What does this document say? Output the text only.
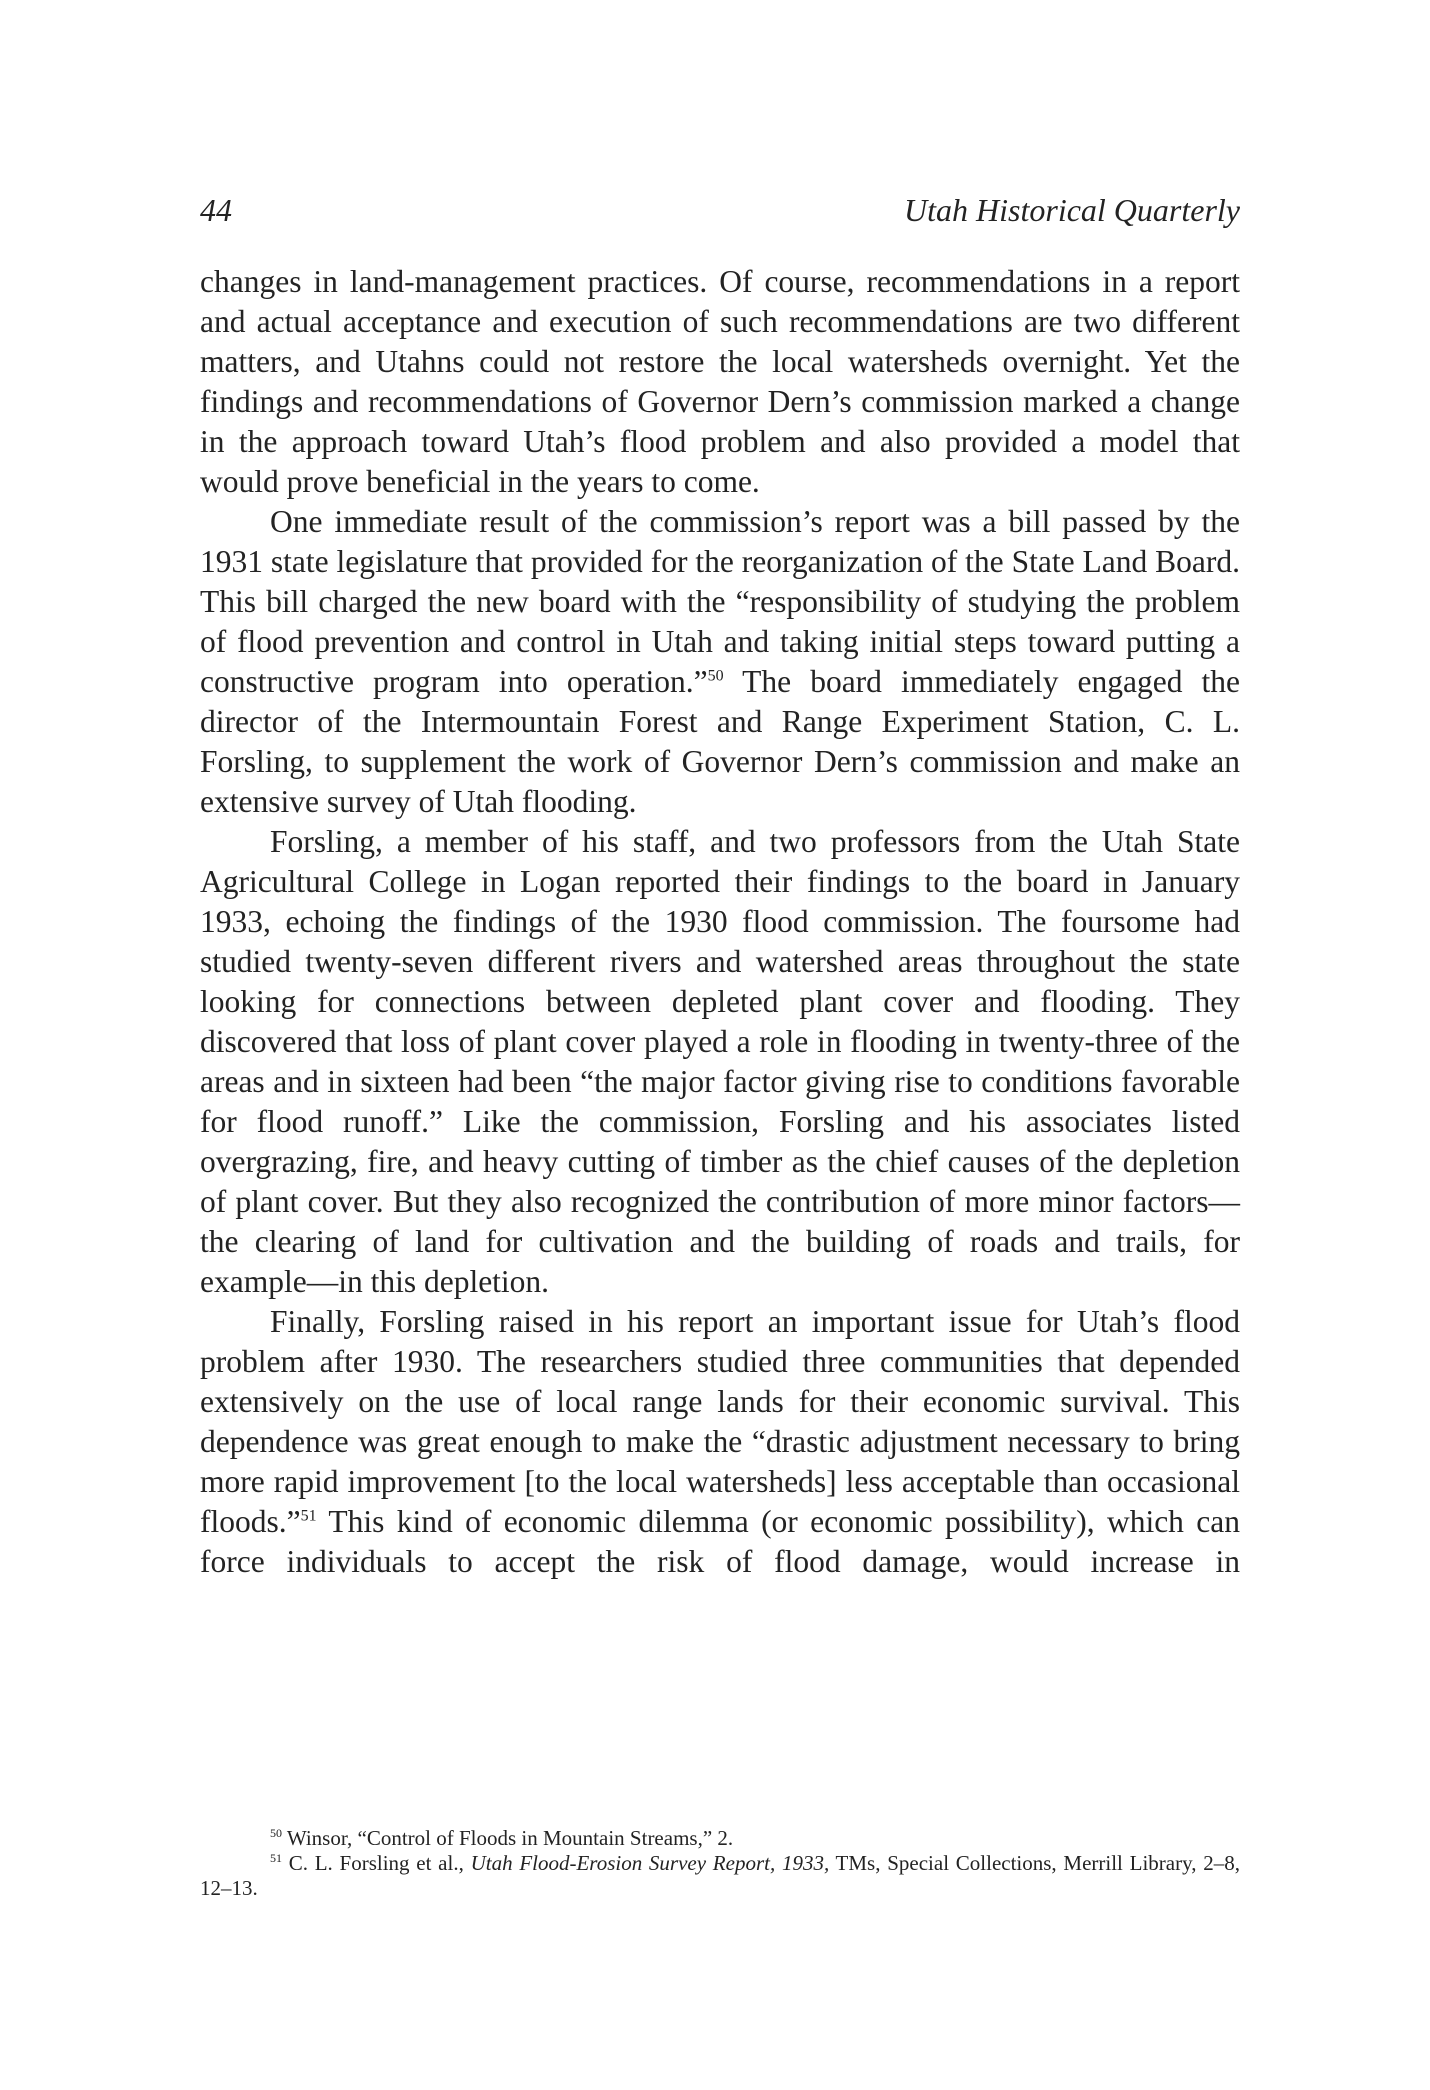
44	Utah Historical Quarterly

changes in land-management practices. Of course, recommendations in a report and actual acceptance and execution of such recommendations are two different matters, and Utahns could not restore the local watersheds overnight. Yet the findings and recommendations of Governor Dern’s commission marked a change in the approach toward Utah’s flood problem and also provided a model that would prove beneficial in the years to come.

One immediate result of the commission’s report was a bill passed by the 1931 state legislature that provided for the reorganization of the State Land Board. This bill charged the new board with the “responsibility of studying the problem of flood prevention and control in Utah and taking initial steps toward putting a constructive program into operation.”$^{50}$ The board immediately engaged the director of the Intermountain Forest and Range Experiment Station, C. L. Forsling, to supplement the work of Governor Dern’s commission and make an extensive survey of Utah flooding.

Forsling, a member of his staff, and two professors from the Utah State Agricultural College in Logan reported their findings to the board in January 1933, echoing the findings of the 1930 flood commission. The foursome had studied twenty-seven different rivers and watershed areas throughout the state looking for connections between depleted plant cover and flooding. They discovered that loss of plant cover played a role in flooding in twenty-three of the areas and in sixteen had been “the major factor giving rise to conditions favorable for flood runoff.” Like the commission, Forsling and his associates listed overgrazing, fire, and heavy cutting of timber as the chief causes of the depletion of plant cover. But they also recognized the contribution of more minor factors—the clearing of land for cultivation and the building of roads and trails, for example—in this depletion.

Finally, Forsling raised in his report an important issue for Utah’s flood problem after 1930. The researchers studied three communities that depended extensively on the use of local range lands for their economic survival. This dependence was great enough to make the “drastic adjustment necessary to bring more rapid improvement [to the local watersheds] less acceptable than occasional floods.”$^{51}$ This kind of economic dilemma (or economic possibility), which can force individuals to accept the risk of flood damage, would increase in

$^{50}$ Winsor, “Control of Floods in Mountain Streams,” 2.

$^{51}$ C. L. Forsling et al., Utah Flood-Erosion Survey Report, 1933, TMs, Special Collections, Merrill Library, 2–8, 12–13.
